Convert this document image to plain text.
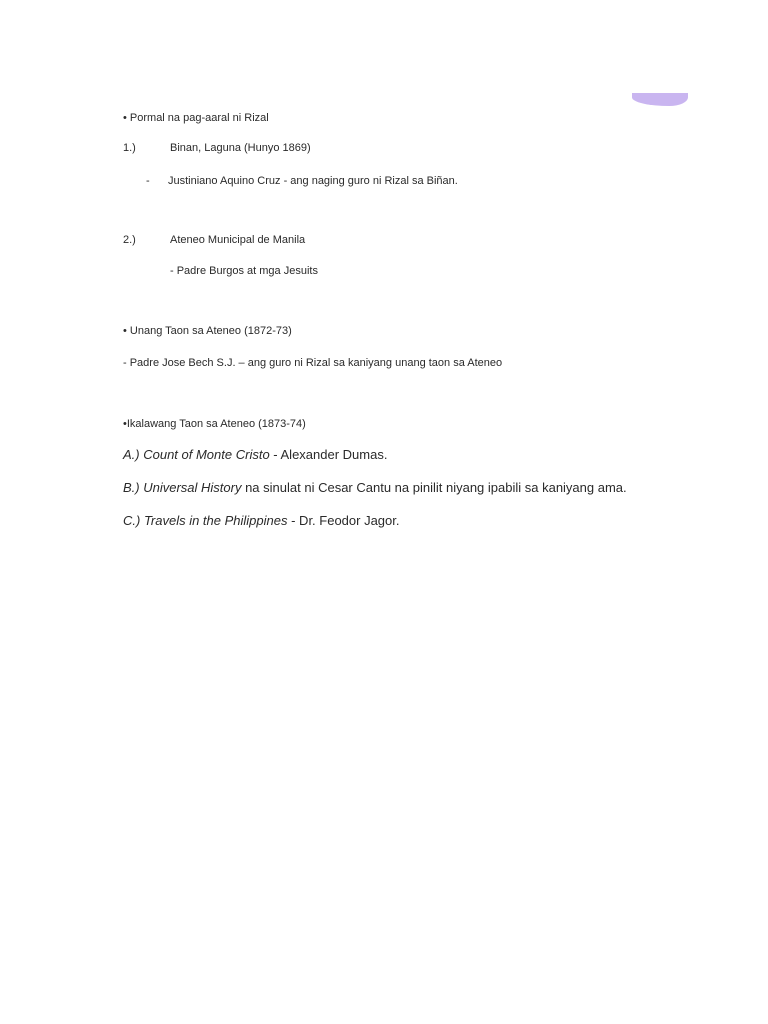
• Pormal na pag-aaral ni Rizal
1.)	Binan, Laguna (Hunyo 1869)
- Justiniano Aquino Cruz - ang naging guro ni Rizal sa Biñan.
2.)	Ateneo Municipal de Manila
- Padre Burgos at mga Jesuits
• Unang Taon sa Ateneo (1872-73)
- Padre Jose Bech S.J. – ang guro ni Rizal sa kaniyang unang taon sa Ateneo
•Ikalawang Taon sa Ateneo (1873-74)
A.) Count of Monte Cristo - Alexander Dumas.
B.) Universal History na sinulat ni Cesar Cantu na pinilit niyang ipabili sa kaniyang ama.
C.) Travels in the Philippines - Dr. Feodor Jagor.
